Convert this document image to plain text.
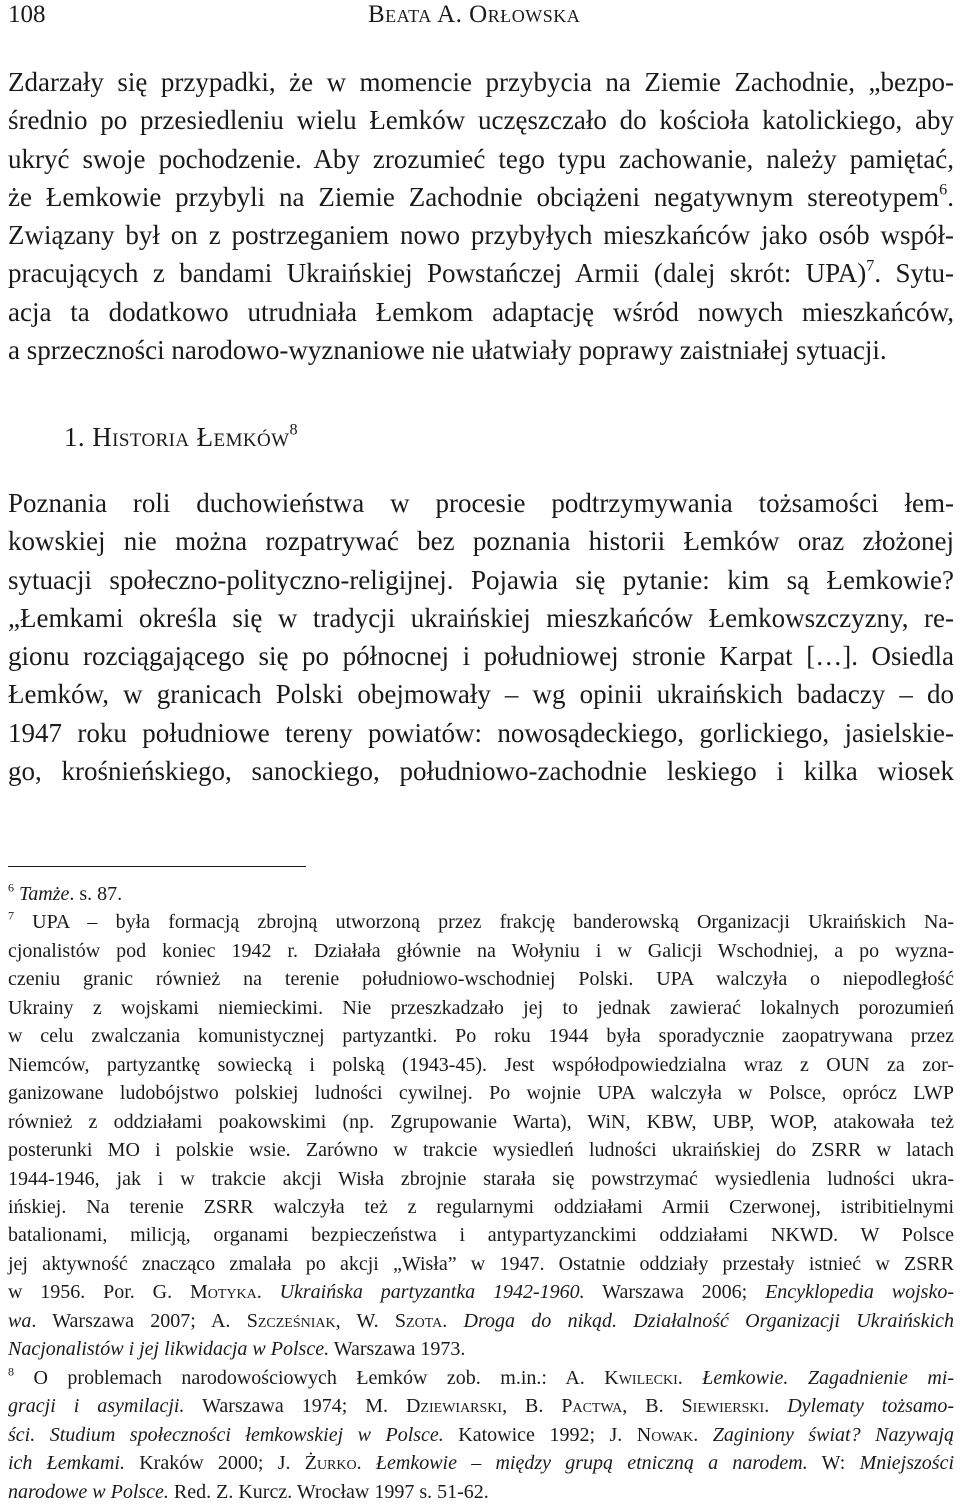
108	Beata A. Orłowska
Zdarzały się przypadki, że w momencie przybycia na Ziemie Zachodnie, „bezpo-
średnio po przesiedleniu wielu Łemków uczęszczało do kościoła katolickiego, aby
ukryć swoje pochodzenie. Aby zrozumieć tego typu zachowanie, należy pamiętać,
że Łemkowie przybyli na Ziemie Zachodnie obciążeni negatywnym stereotypem$^6$.
Związany był on z postrzeganiem nowo przybyłych mieszkańców jako osób współ-
pracujących z bandami Ukraińskiej Powstańczej Armii (dalej skrót: UPA)$^7$. Sytu-
acja ta dodatkowo utrudniała Łemkom adaptację wśród nowych mieszkańców,
a sprzeczności narodowo-wyznaniowe nie ułatwiały poprawy zaistniałej sytuacji.
1. Historia Łemków$^8$
Poznania roli duchowieństwa w procesie podtrzymywania tożsamości łem-
kowskiej nie można rozpatrywać bez poznania historii Łemków oraz złożonej
sytuacji społeczno-polityczno-religijnej. Pojawia się pytanie: kim są Łemkowie?
„Łemkami określa się w tradycji ukraińskiej mieszkańców Łemkowszczyzny, re-
gionu rozciągającego się po północnej i południowej stronie Karpat […]. Osiedla
Łemków, w granicach Polski obejmowały – wg opinii ukraińskich badaczy – do
1947 roku południowe tereny powiatów: nowosądeckiego, gorlickiego, jasielskie-
go, krośnieńskiego, sanockiego, południowo-zachodnie leskiego i kilka wiosek
$^6$ Tamże. s. 87.
$^7$ UPA – była formacją zbrojną utworzoną przez frakcję banderowską Organizacji Ukraińskich Na-
cjonalistów pod koniec 1942 r. Działała głównie na Wołyniu i w Galicji Wschodniej, a po wyzna-
czeniu granic również na terenie południowo-wschodniej Polski. UPA walczyła o niepodległość
Ukrainy z wojskami niemieckimi. Nie przeszkadzało jej to jednak zawierać lokalnych porozumień
w celu zwalczania komunistycznej partyzantki. Po roku 1944 była sporadycznie zaopatrywana przez
Niemców, partyzantkę sowiecką i polską (1943-45). Jest współodpowiedzialna wraz z OUN za zor-
ganizowane ludobójstwo polskiej ludności cywilnej. Po wojnie UPA walczyła w Polsce, oprócz LWP
również z oddziałami poakowskimi (np. Zgrupowanie Warta), WiN, KBW, UBP, WOP, atakowała też
posterunki MO i polskie wsie. Zarówno w trakcie wysiedleń ludności ukraińskiej do ZSRR w latach
1944-1946, jak i w trakcie akcji Wisła zbrojnie starała się powstrzymać wysiedlenia ludności ukra-
ińskiej. Na terenie ZSRR walczyła też z regularnymi oddziałami Armii Czerwonej, istribitielnymi
batalionami, milicją, organami bezpieczeństwa i antypartyzanckimi oddziałami NKWD. W Polsce
jej aktywność znacząco zmalała po akcji „Wisła” w 1947. Ostatnie oddziały przestały istnieć w ZSRR
w 1956. Por. G. Motyka. Ukraińska partyzantka 1942-1960. Warszawa 2006; Encyklopedia wojsko-
wa. Warszawa 2007; A. Szcześniak, W. Szota. Droga do nikąd. Działalność Organizacji Ukraińskich
Nacjonalistów i jej likwidacja w Polsce. Warszawa 1973.
$^8$ O problemach narodowościowych Łemków zob. m.in.: A. Kwilecki. Łemkowie. Zagadnienie mi-
gracji i asymilacji. Warszawa 1974; M. Dziewiarski, B. Pactwa, B. Siewierski. Dylematy tożsamo-
ści. Studium społeczności łemkowskiej w Polsce. Katowice 1992; J. Nowak. Zaginiony świat? Nazywają
ich Łemkami. Kraków 2000; J. Żurko. Łemkowie – między grupą etniczną a narodem. W: Mniejszości
narodowe w Polsce. Red. Z. Kurcz. Wrocław 1997 s. 51-62.
